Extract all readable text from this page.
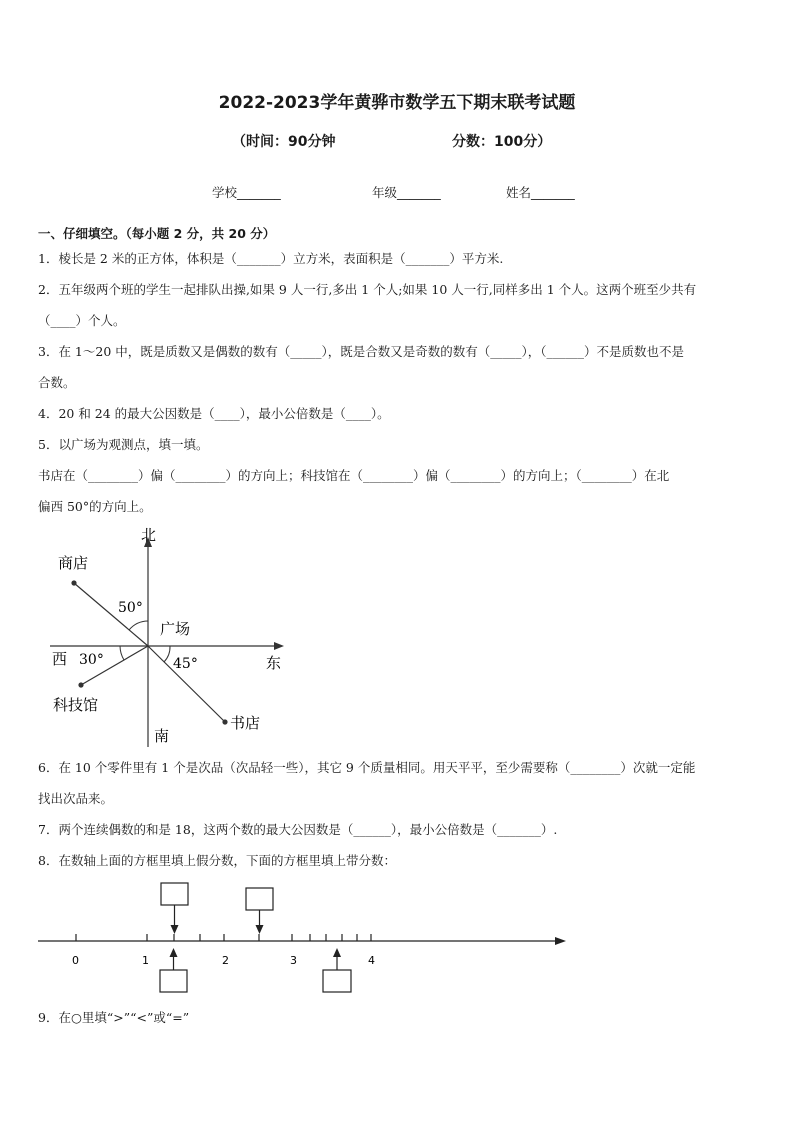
2022-2023学年黄骅市数学五下期末联考试题
（时间：90分钟	分数：100分）
学校_______	年级_______	姓名_______
一、仔细填空。（每小题 2 分，共 20 分）
1．棱长是 2 米的正方体，体积是（_______）立方米，表面积是（_______）平方米.
2．五年级两个班的学生一起排队出操,如果 9 人一行,多出 1 个人;如果 10 人一行,同样多出 1 个人。这两个班至少共有
（____）个人。
3．在 1～20 中，既是质数又是偶数的数有（_____），既是合数又是奇数的数有（_____），（______）不是质数也不是
合数。
4．20 和 24 的最大公因数是（____），最小公倍数是（____）。
5．以广场为观测点，填一填。
书店在（________）偏（________）的方向上；科技馆在（________）偏（________）的方向上；（________）在北
偏西 50°的方向上。
北
南
东
西
广场
商店
科技馆
书店
50°
30°	45°
6．在 10 个零件里有 1 个是次品（次品轻一些），其它 9 个质量相同。用天平平，至少需要称（________）次就一定能
找出次品来。
7．两个连续偶数的和是 18，这两个数的最大公因数是（______），最小公倍数是（_______）.
8．在数轴上面的方框里填上假分数，下面的方框里填上带分数：
0	1	2	3	4
9．在○里填“>”“<”或“=”
